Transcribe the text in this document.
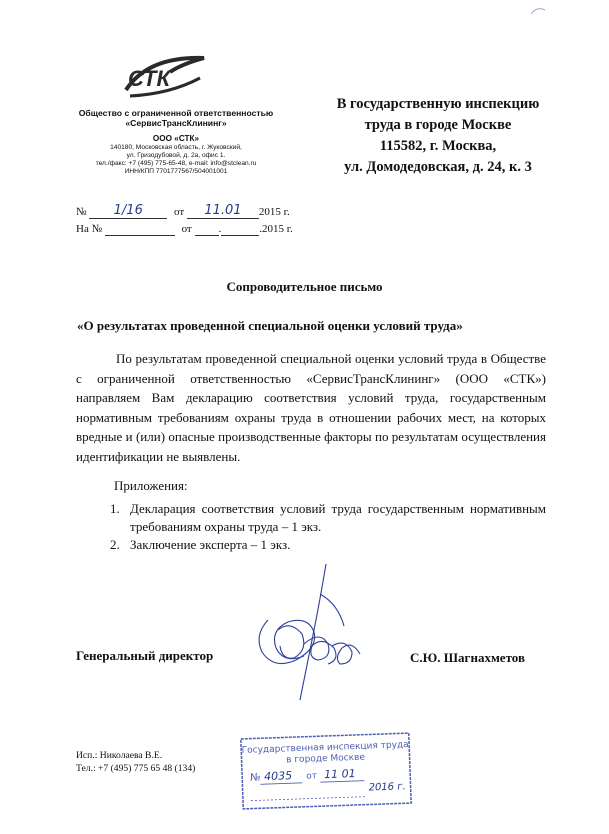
СТК
Общество с ограниченной ответственностью
«СервисТрансКлининг»
ООО «СТК»
140180, Московская область, г. Жуковский,
ул. Гризодубовой, д. 2а, офис 1.
тел./факс: +7 (495) 775-65-48, e-mail: info@stclean.ru
ИНН/КПП 7701777567/504001001
В государственную инспекцию
труда в городе Москве
115582, г. Москва,
ул. Домодедовская, д. 24, к. 3
№ 1/16	от 11.01 2015 г.
На №	от .	.2015 г.
Сопроводительное письмо
«О результатах проведенной специальной оценки условий труда»
По результатам проведенной специальной оценки условий труда в Обществе с ограниченной ответственностью «СервисТрансКлининг» (ООО «СТК») направляем Вам декларацию соответствия условий труда, государственным нормативным требованиям охраны труда в отношении рабочих мест, на которых вредные и (или) опасные производственные факторы по результатам осуществления идентификации не выявлены.
Приложения:
1. Декларация соответствия условий труда государственным нормативным требованиям охраны труда – 1 экз.
2. Заключение эксперта – 1 экз.
Генеральный директор	С.Ю. Шагнахметов
Исп.: Николаева В.Е.
Тел.: +7 (495) 775 65 48 (134)
Государственная инспекция труда
в городе Москве
№ 4035 от 11 01
2016 г.
